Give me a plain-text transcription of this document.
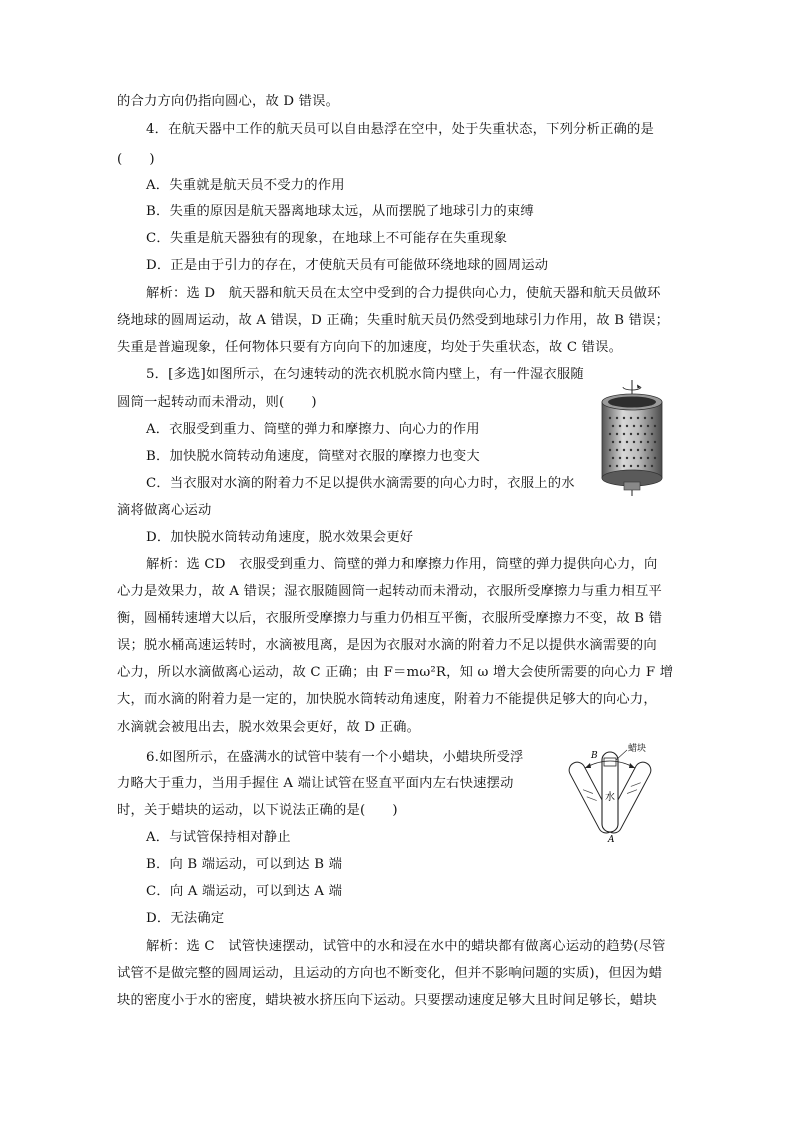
的合力方向仍指向圆心，故 D 错误。
4．在航天器中工作的航天员可以自由悬浮在空中，处于失重状态，下列分析正确的是
(　　)
A．失重就是航天员不受力的作用
B．失重的原因是航天器离地球太远，从而摆脱了地球引力的束缚
C．失重是航天器独有的现象，在地球上不可能存在失重现象
D．正是由于引力的存在，才使航天员有可能做环绕地球的圆周运动
解析：选 D　航天器和航天员在太空中受到的合力提供向心力，使航天器和航天员做环
绕地球的圆周运动，故 A 错误，D 正确；失重时航天员仍然受到地球引力作用，故 B 错误；
失重是普遍现象，任何物体只要有方向向下的加速度，均处于失重状态，故 C 错误。
5．[多选]如图所示，在匀速转动的洗衣机脱水筒内壁上，有一件湿衣服随
圆筒一起转动而未滑动，则(　　)
A．衣服受到重力、筒壁的弹力和摩擦力、向心力的作用
B．加快脱水筒转动角速度，筒壁对衣服的摩擦力也变大
C．当衣服对水滴的附着力不足以提供水滴需要的向心力时，衣服上的水
滴将做离心运动
D．加快脱水筒转动角速度，脱水效果会更好
解析：选 CD　衣服受到重力、筒壁的弹力和摩擦力作用，筒壁的弹力提供向心力，向
心力是效果力，故 A 错误；湿衣服随圆筒一起转动而未滑动，衣服所受摩擦力与重力相互平
衡，圆桶转速增大以后，衣服所受摩擦力与重力仍相互平衡，衣服所受摩擦力不变，故 B 错
误；脱水桶高速运转时，水滴被甩离，是因为衣服对水滴的附着力不足以提供水滴需要的向
心力，所以水滴做离心运动，故 C 正确；由 F＝mω²R，知 ω 增大会使所需要的向心力 F 增
大，而水滴的附着力是一定的，加快脱水筒转动角速度，附着力不能提供足够大的向心力，
水滴就会被甩出去，脱水效果会更好，故 D 正确。
6.如图所示，在盛满水的试管中装有一个小蜡块，小蜡块所受浮
力略大于重力，当用手握住 A 端让试管在竖直平面内左右快速摆动
时，关于蜡块的运动，以下说法正确的是(　　)
A．与试管保持相对静止
B．向 B 端运动，可以到达 B 端
C．向 A 端运动，可以到达 A 端
D．无法确定
解析：选 C　试管快速摆动，试管中的水和浸在水中的蜡块都有做离心运动的趋势(尽管
试管不是做完整的圆周运动，且运动的方向也不断变化，但并不影响问题的实质)，但因为蜡
块的密度小于水的密度，蜡块被水挤压向下运动。只要摆动速度足够大且时间足够长，蜡块
B
蜡块
水
A
